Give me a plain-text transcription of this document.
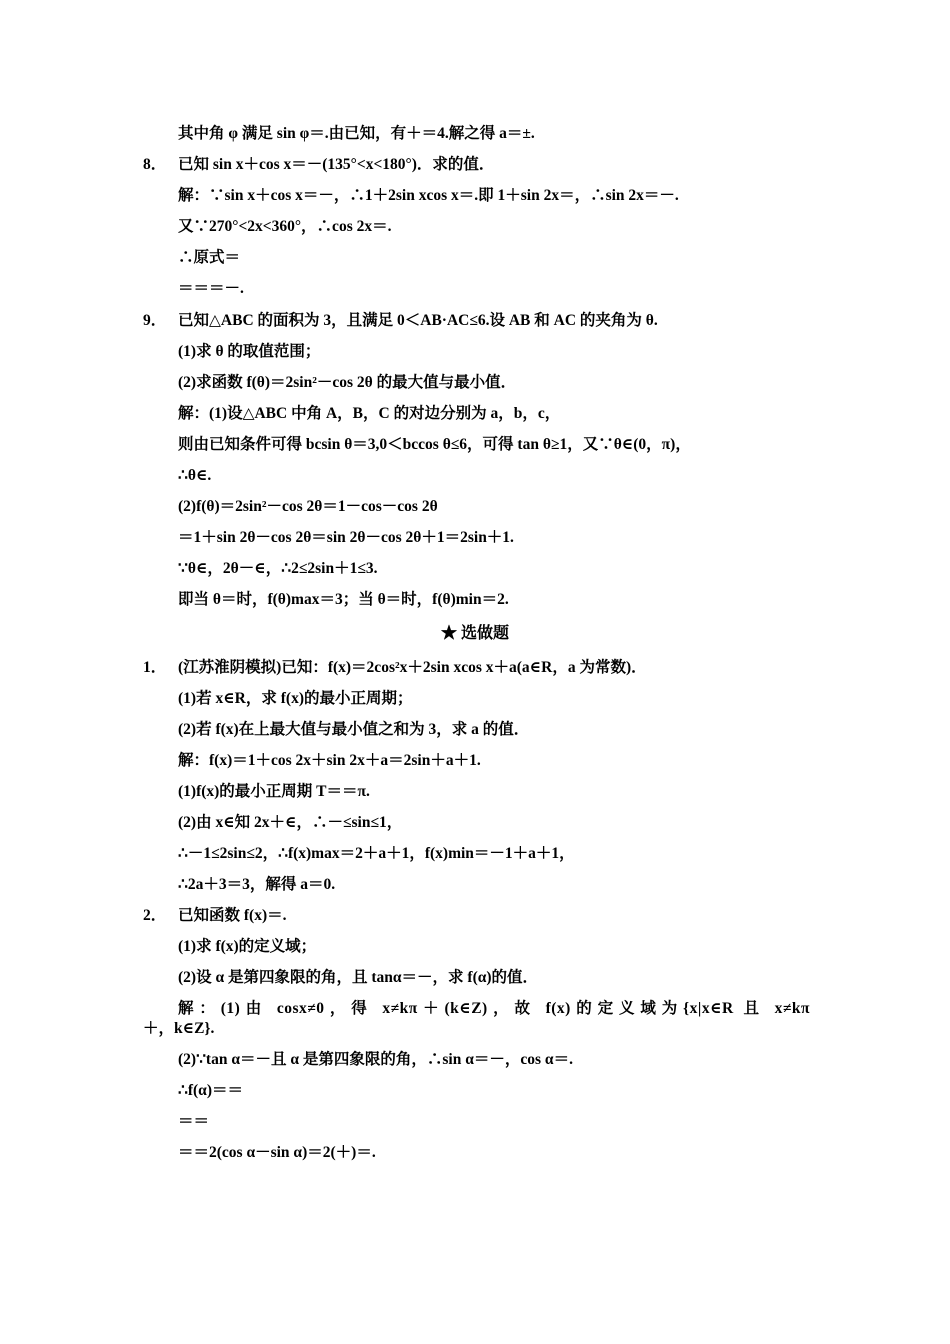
其中角 φ 满足 sin φ＝.由已知，有＋＝4.解之得 a＝±.
8． 已知 sin x＋cos x＝－(135°<x<180°)．求的值．
解：∵sin x＋cos x＝－，∴1＋2sin xcos x＝.即 1＋sin 2x＝，∴sin 2x＝－.
又∵270°<2x<360°，∴cos 2x＝.
∴原式＝
＝＝＝－.
9． 已知△ABC 的面积为 3，且满足 0＜AB·AC≤6.设 AB 和 AC 的夹角为 θ.
(1)求 θ 的取值范围；
(2)求函数 f(θ)＝2sin²－cos 2θ 的最大值与最小值．
解：(1)设△ABC 中角 A，B，C 的对边分别为 a，b，c，
则由已知条件可得 bcsin θ＝3,0＜bccos θ≤6，可得 tan θ≥1，又∵θ∈(0，π)，
∴θ∈.
(2)f(θ)＝2sin²－cos 2θ＝1－cos－cos 2θ
＝1＋sin 2θ－cos 2θ＝sin 2θ－cos 2θ＋1＝2sin＋1.
∵θ∈，2θ－∈，∴2≤2sin＋1≤3.
即当 θ＝时，f(θ)max＝3；当 θ＝时，f(θ)min＝2.
★ 选做题
1． (江苏淮阴模拟)已知：f(x)＝2cos²x＋2sin xcos x＋a(a∈R，a 为常数)．
(1)若 x∈R，求 f(x)的最小正周期；
(2)若 f(x)在上最大值与最小值之和为 3，求 a 的值．
解：f(x)＝1＋cos 2x＋sin 2x＋a＝2sin＋a＋1.
(1)f(x)的最小正周期 T＝＝π.
(2)由 x∈知 2x＋∈，∴－≤sin≤1，
∴－1≤2sin≤2，∴f(x)max＝2＋a＋1，f(x)min＝－1＋a＋1，
∴2a＋3＝3，解得 a＝0.
2． 已知函数 f(x)＝.
(1)求 f(x)的定义域；
(2)设 α 是第四象限的角，且 tanα＝－，求 f(α)的值．
解：(1)由 cosx≠0，得 x≠kπ＋(k∈Z)，故 f(x)的定义域为{x|x∈R 且 x≠kπ
＋，k∈Z}.
(2)∵tan α＝－且 α 是第四象限的角，∴sin α＝－，cos α＝.
∴f(α)＝＝
＝＝
＝＝2(cos α－sin α)＝2(＋)＝.
